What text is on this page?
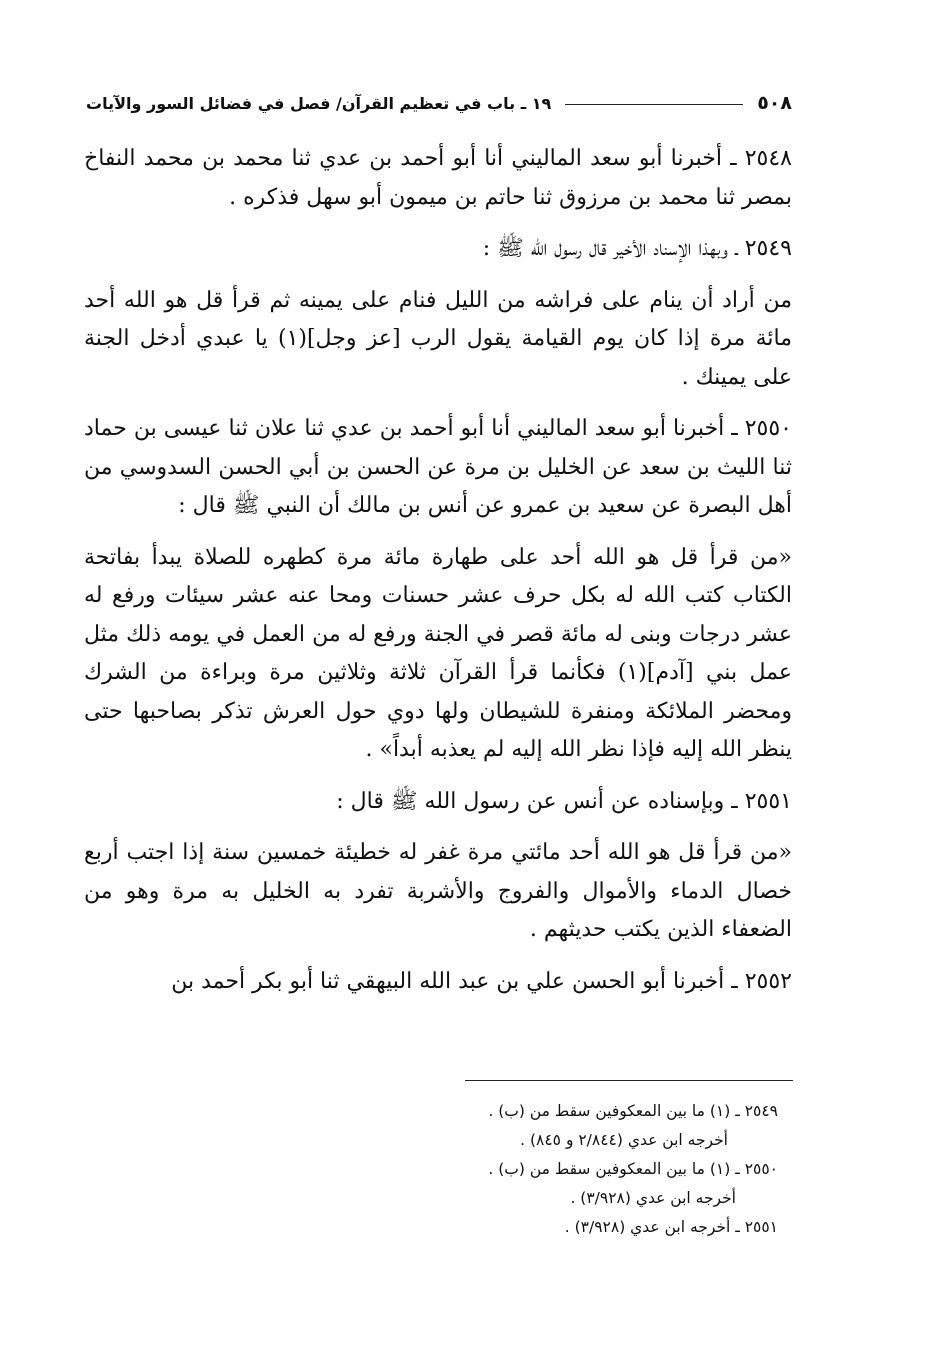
٥٠٨
١٩ ـ باب في تعظيم القرآن/ فصل في فضائل السور والآيات

٢٥٤٨ ـ أخبرنا أبو سعد الماليني أنا أبو أحمد بن عدي ثنا محمد بن محمد النفاخ بمصر ثنا محمد بن مرزوق ثنا حاتم بن ميمون أبو سهل فذكره .

٢٥٤٩ ـ وبهذا الإسناد الأخير قال رسول الله ﷺ :

من أراد أن ينام على فراشه من الليل فنام على يمينه ثم قرأ قل هو الله أحد مائة مرة إذا كان يوم القيامة يقول الرب [عز وجل](١) يا عبدي أدخل الجنة على يمينك .

٢٥٥٠ ـ أخبرنا أبو سعد الماليني أنا أبو أحمد بن عدي ثنا علان ثنا عيسى بن حماد ثنا الليث بن سعد عن الخليل بن مرة عن الحسن بن أبي الحسن السدوسي من أهل البصرة عن سعيد بن عمرو عن أنس بن مالك أن النبي ﷺ قال :

«من قرأ قل هو الله أحد على طهارة مائة مرة كطهره للصلاة يبدأ بفاتحة الكتاب كتب الله له بكل حرف عشر حسنات ومحا عنه عشر سيئات ورفع له عشر درجات وبنى له مائة قصر في الجنة ورفع له من العمل في يومه ذلك مثل عمل بني [آدم](١) فكأنما قرأ القرآن ثلاثة وثلاثين مرة وبراءة من الشرك ومحضر الملائكة ومنفرة للشيطان ولها دوي حول العرش تذكر بصاحبها حتى ينظر الله إليه فإذا نظر الله إليه لم يعذبه أبداً» .

٢٥٥١ ـ وبإسناده عن أنس عن رسول الله ﷺ قال :

«من قرأ قل هو الله أحد مائتي مرة غفر له خطيئة خمسين سنة إذا اجتب أربع خصال الدماء والأموال والفروج والأشربة تفرد به الخليل به مرة وهو من الضعفاء الذين يكتب حديثهم .

٢٥٥٢ ـ أخبرنا أبو الحسن علي بن عبد الله البيهقي ثنا أبو بكر أحمد بن

٢٥٤٩ ـ (١) ما بين المعكوفين سقط من (ب) .

أخرجه ابن عدي (٢/٨٤٤ و ٨٤٥) .

٢٥٥٠ ـ (١) ما بين المعكوفين سقط من (ب) .

أخرجه ابن عدي (٣/٩٢٨) .

٢٥٥١ ـ أخرجه ابن عدي (٣/٩٢٨) .
